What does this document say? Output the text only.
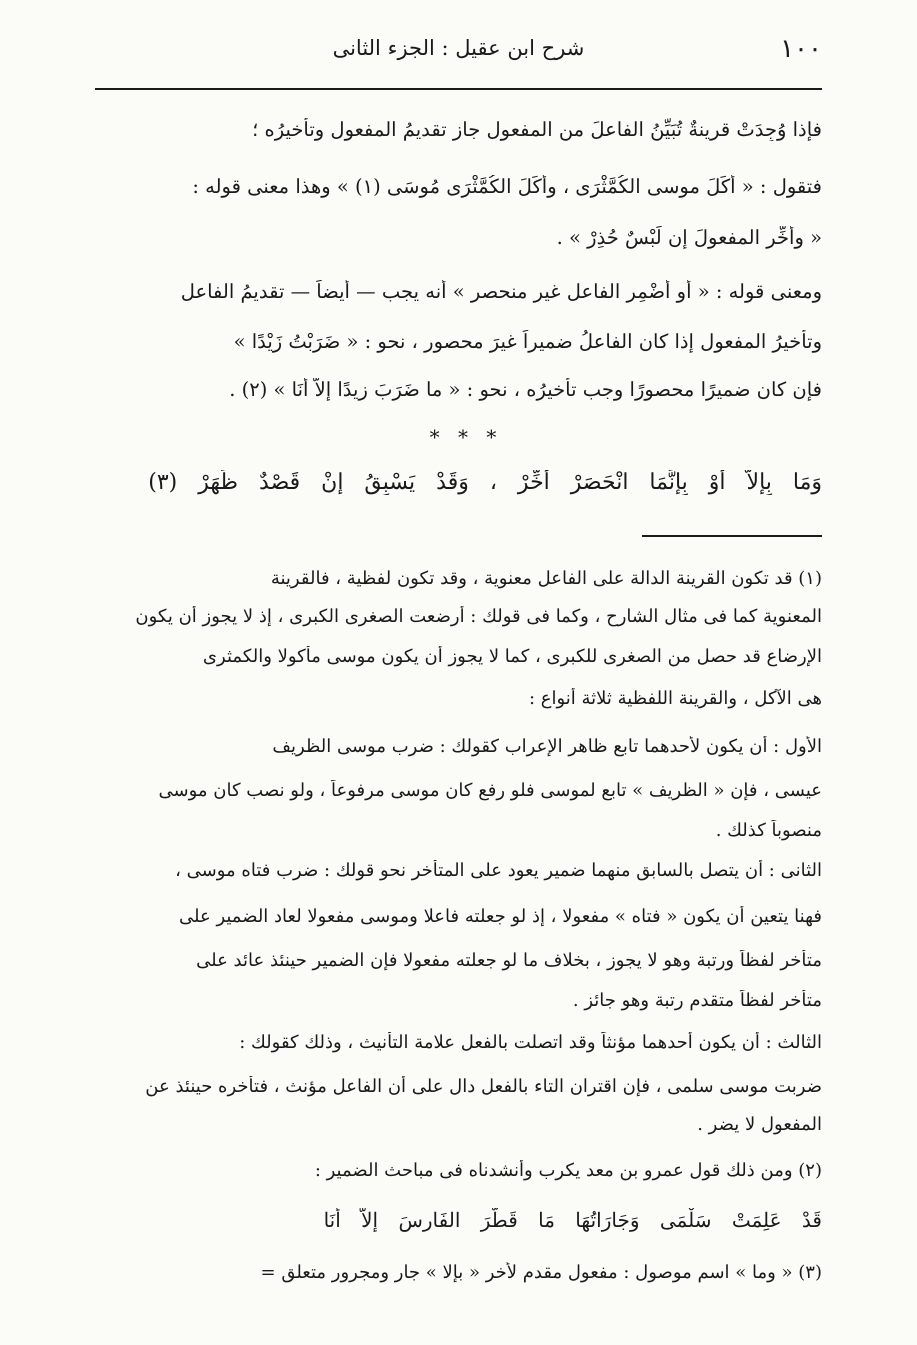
١٠٠
شرح ابن عقيل : الجزء الثانى
فإذا وُجِدَتْ قرينةٌ تُبَيِّنُ الفاعلَ من المفعولِ جاز تقديمُ المفعولِ وتأخيرُه ؛
فتقول : « أَكَلَ موسى الكُمَّثْرَى ، وأَكَلَ الكُمَّثْرَى مُوسَى (١) » وهذا معنى قوله :
« وأَخِّرِ المفعولَ إن لَبْسٌ حُذِرْ » .
ومعنى قوله : « أو أُضْمِر الفاعل غير منحصر » أنه يجب — أيضاً — تقديمُ الفاعل
وتأخيرُ المفعولِ إذا كان الفاعلُ ضميراً غيرَ محصور ، نحو : « ضَرَبْتُ زَيْدًا »
فإن كان ضميرًا محصورًا وجب تأخيرُه ، نحو : « ما ضَرَبَ زيدًا إلاّ أَنَا » (٢) .
* * *
وَمَا بِإِلاَّ أَوْ بِإِنَّمَا انْحَصَرْ أَخِّرْ ، وَقَدْ يَسْبِقُ إنْ قَصْدٌ ظَهَرْ (٣)
(١) قد تكون القرينة الدالة على الفاعل معنوية ، وقد تكون لفظية ، فالقرينة
المعنوية كما فى مثال الشارح ، وكما فى قولك : أرضعت الصغرى الكبرى ، إذ لا يجوز أن يكون
الإرضاع قد حصل من الصغرى للكبرى ، كما لا يجوز أن يكون موسى مأكولا والكمثرى
هى الآكل ، والقرينة اللفظية ثلاثة أنواع :
الأول : أن يكون لأحدهما تابع ظاهر الإعراب كقولك : ضرب موسى الظريف
عيسى ، فإن « الظريف » تابع لموسى فلو رفع كان موسى مرفوعاً ، ولو نصب كان موسى
منصوباً كذلك .
الثانى : أن يتصل بالسابق منهما ضمير يعود على المتأخر نحو قولك : ضرب فتاه موسى ،
فهنا يتعين أن يكون « فتاه » مفعولا ، إذ لو جعلته فاعلا وموسى مفعولا لعاد الضمير على
متأخر لفظاً ورتبة وهو لا يجوز ، بخلاف ما لو جعلته مفعولا فإن الضمير حينئذ عائد على
متأخر لفظاً متقدم رتبة وهو جائز .
الثالث : أن يكون أحدهما مؤنثاً وقد اتصلت بالفعل علامة التأنيث ، وذلك كقولك :
ضربت موسى سلمى ، فإن اقتران التاء بالفعل دال على أن الفاعل مؤنث ، فتأخره حينئذ عن
المفعول لا يضر .
(٢) ومن ذلك قول عمرو بن معد يكرب وأنشدناه فى مباحث الضمير :
قَدْ عَلِمَتْ سَلْمَى وَجَارَاتُهَا مَا قَطَّرَ الفَارِسَ إلاَّ أَنَا
(٣) « وما » اسم موصول : مفعول مقدم لأخر « بإلا » جار ومجرور متعلق =
